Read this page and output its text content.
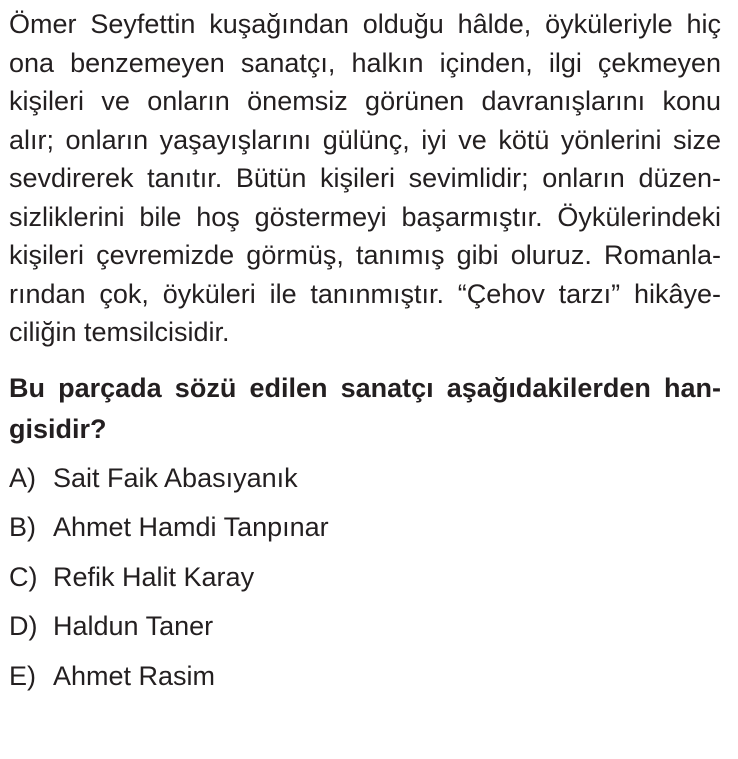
Ömer Seyfettin kuşağından olduğu hâlde, öyküleriyle hiç
ona benzemeyen sanatçı, halkın içinden, ilgi çekmeyen
kişileri ve onların önemsiz görünen davranışlarını konu
alır; onların yaşayışlarını gülünç, iyi ve kötü yönlerini size
sevdirerek tanıtır. Bütün kişileri sevimlidir; onların düzen-
sizliklerini bile hoş göstermeyi başarmıştır. Öykülerindeki
kişileri çevremizde görmüş, tanımış gibi oluruz. Romanla-
rından çok, öyküleri ile tanınmıştır. “Çehov tarzı” hikâye-
ciliğin temsilcisidir.
Bu parçada sözü edilen sanatçı aşağıdakilerden han-
gisidir?
A) Sait Faik Abasıyanık
B) Ahmet Hamdi Tanpınar
C) Refik Halit Karay
D) Haldun Taner
E) Ahmet Rasim
